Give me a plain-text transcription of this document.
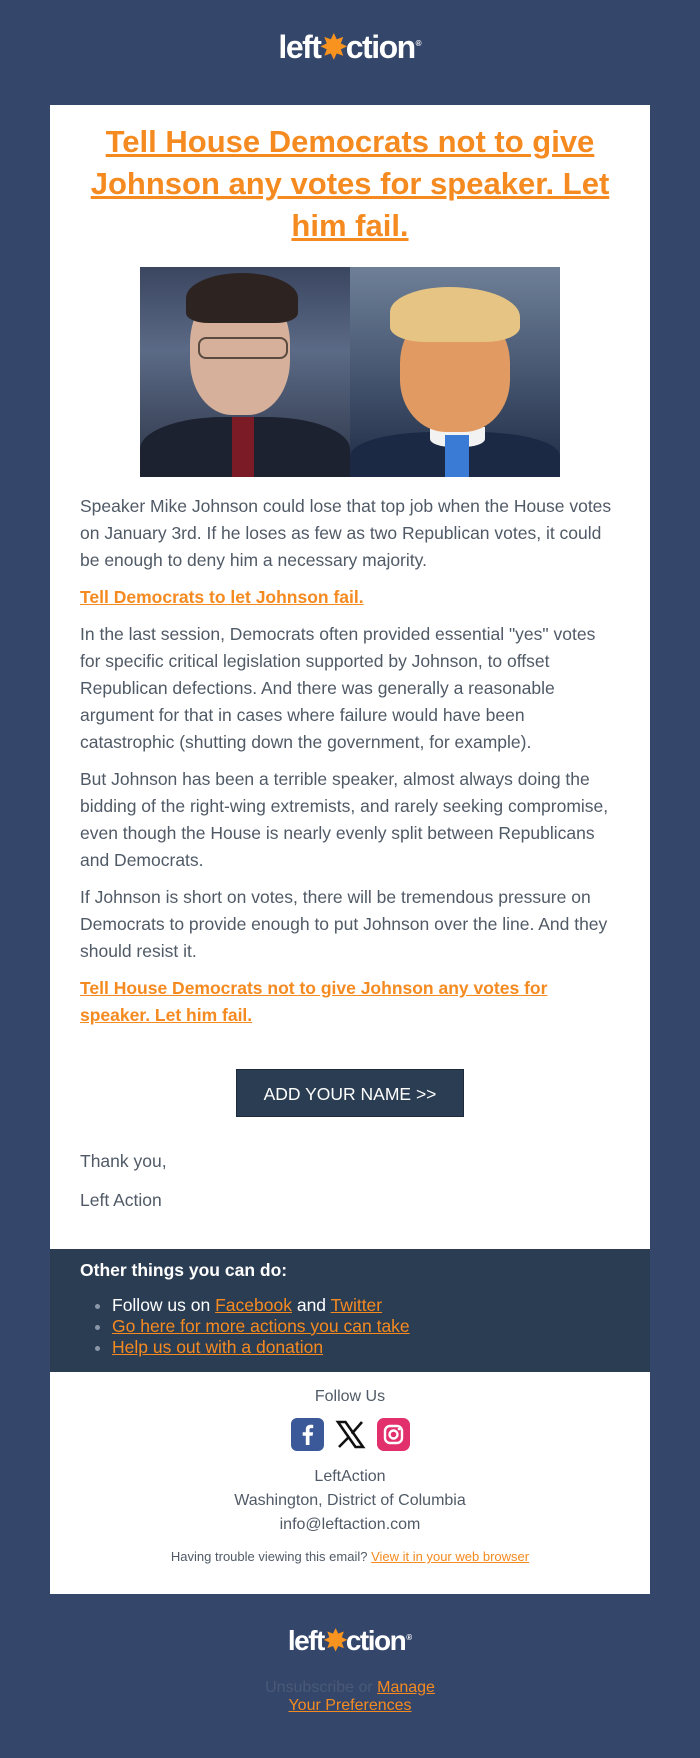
left✸ction®
Tell House Democrats not to give Johnson any votes for speaker. Let him fail.

Speaker Mike Johnson could lose that top job when the House votes on January 3rd. If he loses as few as two Republican votes, it could be enough to deny him a necessary majority.

Tell Democrats to let Johnson fail.

In the last session, Democrats often provided essential "yes" votes for specific critical legislation supported by Johnson, to offset Republican defections. And there was generally a reasonable argument for that in cases where failure would have been catastrophic (shutting down the government, for example).

But Johnson has been a terrible speaker, almost always doing the bidding of the right-wing extremists, and rarely seeking compromise, even though the House is nearly evenly split between Republicans and Democrats.

If Johnson is short on votes, there will be tremendous pressure on Democrats to provide enough to put Johnson over the line. And they should resist it.

Tell House Democrats not to give Johnson any votes for speaker. Let him fail.
ADD YOUR NAME >>

Thank you,

Left Action

Other things you can do:
• Follow us on Facebook and Twitter
• Go here for more actions you can take
• Help us out with a donation
Follow Us
LeftAction
Washington, District of Columbia
info@leftaction.com
Having trouble viewing this email? View it in your web browser
left✸ction®
Unsubscribe or Manage
Your Preferences
